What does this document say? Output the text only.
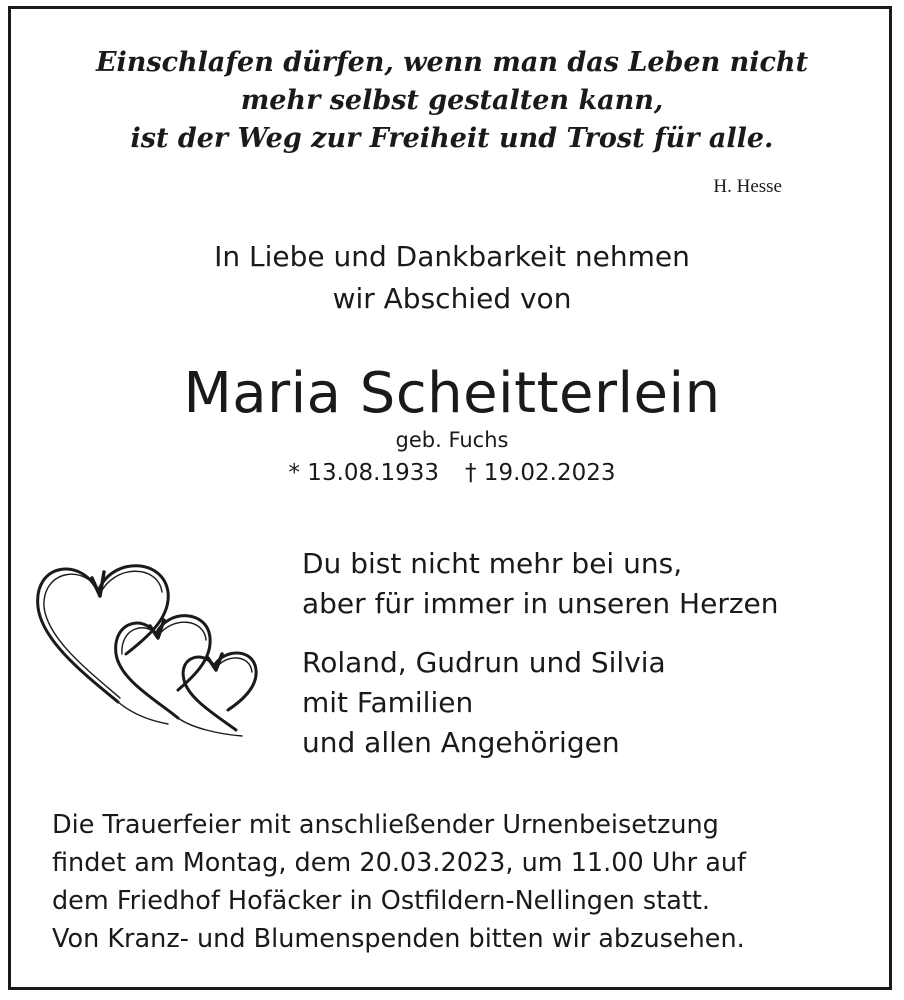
Einschlafen dürfen, wenn man das Leben nicht
mehr selbst gestalten kann,
ist der Weg zur Freiheit und Trost für alle.
H. Hesse
In Liebe und Dankbarkeit nehmen
wir Abschied von
Maria Scheitterlein
geb. Fuchs
* 13.08.1933 † 19.02.2023
Du bist nicht mehr bei uns,
aber für immer in unseren Herzen
Roland, Gudrun und Silvia
mit Familien
und allen Angehörigen
Die Trauerfeier mit anschließender Urnenbeisetzung
findet am Montag, dem 20.03.2023, um 11.00 Uhr auf
dem Friedhof Hofäcker in Ostfildern-Nellingen statt.
Von Kranz- und Blumenspenden bitten wir abzusehen.
